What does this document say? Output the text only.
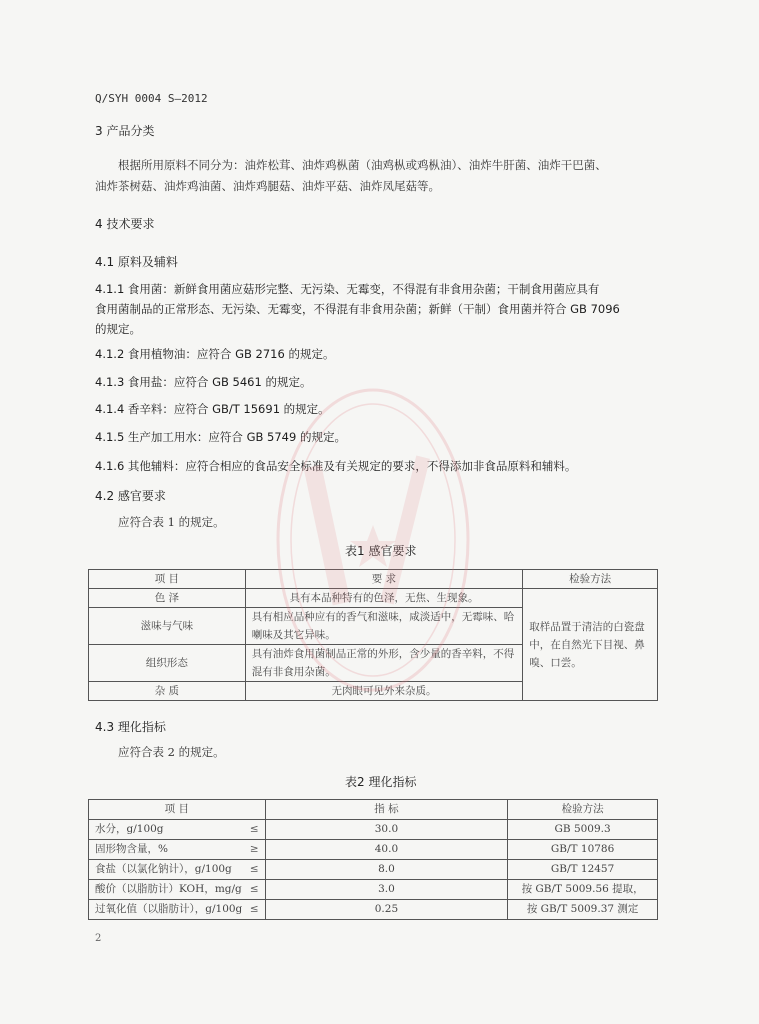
Q/SYH 0004 S—2012
3 产品分类
根据所用原料不同分为：油炸松茸、油炸鸡枞菌（油鸡枞或鸡枞油）、油炸牛肝菌、油炸干巴菌、
油炸茶树菇、油炸鸡油菌、油炸鸡腿菇、油炸平菇、油炸凤尾菇等。
4 技术要求
4.1 原料及辅料
4.1.1 食用菌：新鲜食用菌应菇形完整、无污染、无霉变，不得混有非食用杂菌；干制食用菌应具有
食用菌制品的正常形态、无污染、无霉变，不得混有非食用杂菌；新鲜（干制）食用菌并符合 GB 7096
的规定。
4.1.2 食用植物油：应符合 GB 2716 的规定。
4.1.3 食用盐：应符合 GB 5461 的规定。
4.1.4 香辛料：应符合 GB/T 15691 的规定。
4.1.5 生产加工用水：应符合 GB 5749 的规定。
4.1.6 其他辅料：应符合相应的食品安全标准及有关规定的要求，不得添加非食品原料和辅料。
4.2 感官要求
应符合表 1 的规定。
表1 感官要求
项 目	要 求	检验方法
色 泽	具有本品种特有的色泽，无焦、生现象。	取样品置于清洁的白瓷盘
中，在自然光下目视、鼻
嗅、口尝。

滋味与气味	具有相应品种应有的香气和滋味，咸淡适中，无霉味、哈
喇味及其它异味。	

组织形态	具有油炸食用菌制品正常的外形，含少量的香辛料，不得
混有非食用杂菌。	

杂 质	无肉眼可见外来杂质。	
4.3 理化指标
应符合表 2 的规定。
表2 理化指标
项 目	指 标	检验方法
水分，g/100g ≤	30.0	GB 5009.3
固形物含量，% ≥	40.0	GB/T 10786
食盐（以氯化钠计），g/100g ≤	8.0	GB/T 12457
酸价（以脂肪计）KOH，mg/g ≤	3.0	按 GB/T 5009.56 提取，
过氧化值（以脂肪计），g/100g ≤	0.25	按 GB/T 5009.37 测定
2
